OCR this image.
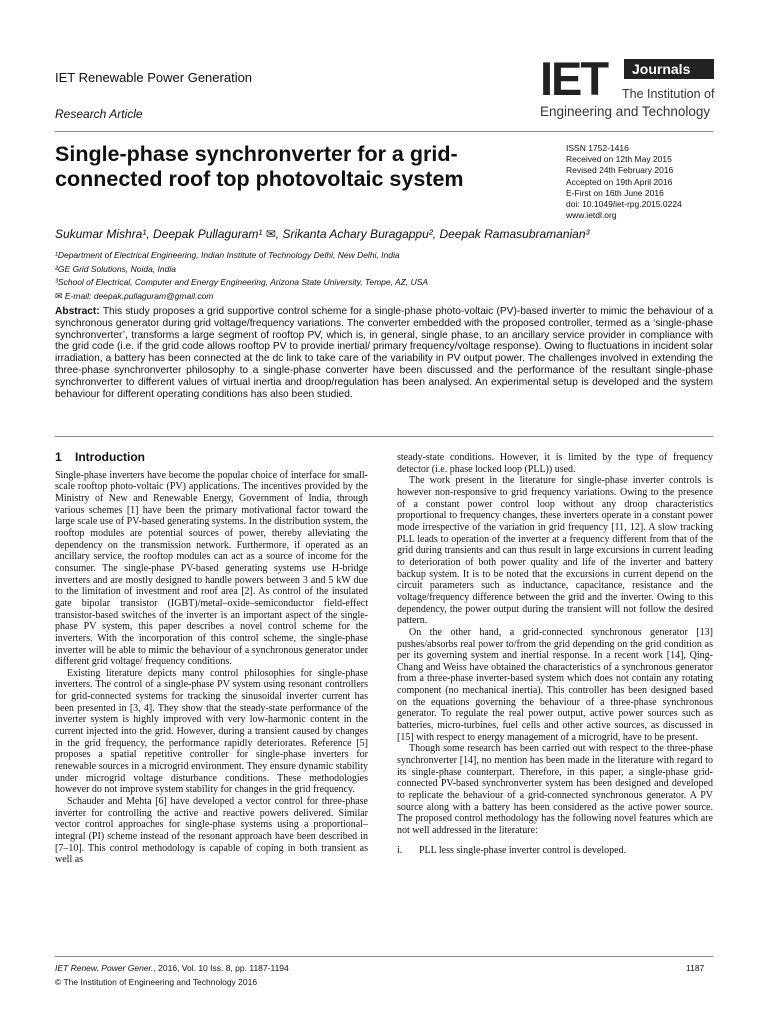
IET Renewable Power Generation
Research Article
IET	Journals
The Institution of
Engineering and Technology
Single-phase synchronverter for a grid-connected roof top photovoltaic system
ISSN 1752-1416
Received on 12th May 2015
Revised 24th February 2016
Accepted on 19th April 2016
E-First on 16th June 2016
doi: 10.1049/iet-rpg.2015.0224
www.ietdl.org
Sukumar Mishra¹, Deepak Pullaguram¹ ✉, Srikanta Achary Buragappu², Deepak Ramasubramanian³
¹Department of Electrical Engineering, Indian Institute of Technology Delhi, New Delhi, India
²GE Grid Solutions, Noida, India
³School of Electrical, Computer and Energy Engineering, Arizona State University, Tempe, AZ, USA
✉ E-mail: deepak.pullaguram@gmail.com
Abstract: This study proposes a grid supportive control scheme for a single-phase photo-voltaic (PV)-based inverter to mimic the behaviour of a synchronous generator during grid voltage/frequency variations. The converter embedded with the proposed controller, termed as a ‘single-phase synchronverter’, transforms a large segment of rooftop PV, which is, in general, single phase, to an ancillary service provider in compliance with the grid code (i.e. if the grid code allows rooftop PV to provide inertial/ primary frequency/voltage response). Owing to fluctuations in incident solar irradiation, a battery has been connected at the dc link to take care of the variability in PV output power. The challenges involved in extending the three-phase synchronverter philosophy to a single-phase converter have been discussed and the performance of the resultant single-phase synchronverter to different values of virtual inertia and droop/regulation has been analysed. An experimental setup is developed and the system behaviour for different operating conditions has also been studied.
1 Introduction

Single-phase inverters have become the popular choice of interface for small-scale rooftop photo-voltaic (PV) applications. The incentives provided by the Ministry of New and Renewable Energy, Government of India, through various schemes [1] have been the primary motivational factor toward the large scale use of PV-based generating systems. In the distribution system, the rooftop modules are potential sources of power, thereby alleviating the dependency on the transmission network. Furthermore, if operated as an ancillary service, the rooftop modules can act as a source of income for the consumer. The single-phase PV-based generating systems use H-bridge inverters and are mostly designed to handle powers between 3 and 5 kW due to the limitation of investment and roof area [2]. As control of the insulated gate bipolar transistor (IGBT)/metal–oxide–semiconductor field-effect transistor-based switches of the inverter is an important aspect of the single-phase PV system, this paper describes a novel control scheme for the inverters. With the incorporation of this control scheme, the single-phase inverter will be able to mimic the behaviour of a synchronous generator under different grid voltage/ frequency conditions.

Existing literature depicts many control philosophies for single-phase inverters. The control of a single-phase PV system using resonant controllers for grid-connected systems for tracking the sinusoidal inverter current has been presented in [3, 4]. They show that the steady-state performance of the inverter system is highly improved with very low-harmonic content in the current injected into the grid. However, during a transient caused by changes in the grid frequency, the performance rapidly deteriorates. Reference [5] proposes a spatial repetitive controller for single-phase inverters for renewable sources in a microgrid environment. They ensure dynamic stability under microgrid voltage disturbance conditions. These methodologies however do not improve system stability for changes in the grid frequency.

Schauder and Mehta [6] have developed a vector control for three-phase inverter for controlling the active and reactive powers delivered. Similar vector control approaches for single-phase systems using a proportional–integral (PI) scheme instead of the resonant approach have been described in [7–10]. This control methodology is capable of coping in both transient as well as

steady-state conditions. However, it is limited by the type of frequency detector (i.e. phase locked loop (PLL)) used.

The work present in the literature for single-phase inverter controls is however non-responsive to grid frequency variations. Owing to the presence of a constant power control loop without any droop characteristics proportional to frequency changes, these inverters operate in a constant power mode irrespective of the variation in grid frequency [11, 12]. A slow tracking PLL leads to operation of the inverter at a frequency different from that of the grid during transients and can thus result in large excursions in current leading to deterioration of both power quality and life of the inverter and battery backup system. It is to be noted that the excursions in current depend on the circuit parameters such as inductance, capacitance, resistance and the voltage/frequency difference between the grid and the inverter. Owing to this dependency, the power output during the transient will not follow the desired pattern.

On the other hand, a grid-connected synchronous generator [13] pushes/absorbs real power to/from the grid depending on the grid condition as per its governing system and inertial response. In a recent work [14], Qing-Chang and Weiss have obtained the characteristics of a synchronous generator from a three-phase inverter-based system which does not contain any rotating component (no mechanical inertia). This controller has been designed based on the equations governing the behaviour of a three-phase synchronous generator. To regulate the real power output, active power sources such as batteries, micro-turbines, fuel cells and other active sources, as discussed in [15] with respect to energy management of a microgrid, have to be present.

Though some research has been carried out with respect to the three-phase synchronverter [14], no mention has been made in the literature with regard to its single-phase counterpart. Therefore, in this paper, a single-phase grid-connected PV-based synchronverter system has been designed and developed to replicate the behaviour of a grid-connected synchronous generator. A PV source along with a battery has been considered as the active power source. The proposed control methodology has the following novel features which are not well addressed in the literature:

i. PLL less single-phase inverter control is developed.
IET Renew. Power Gener., 2016, Vol. 10 Iss. 8, pp. 1187-1194
© The Institution of Engineering and Technology 2016
1187
